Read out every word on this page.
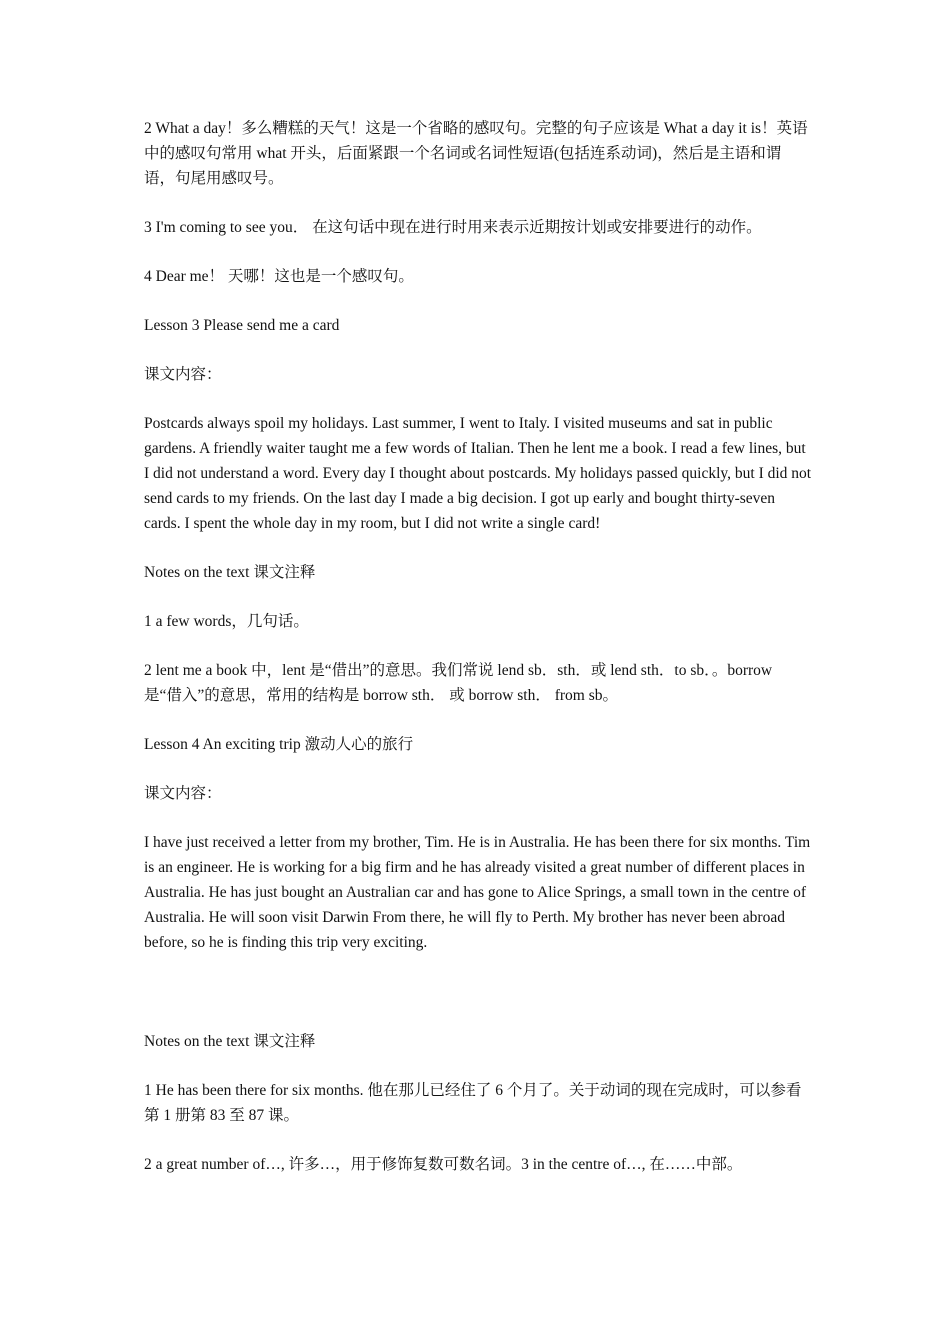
2 What a day！多么糟糕的天气！这是一个省略的感叹句。完整的句子应该是 What a day it is！英语中的感叹句常用 what 开头，后面紧跟一个名词或名词性短语(包括连系动词)，然后是主语和谓语，句尾用感叹号。

3 I'm coming to see you． 在这句话中现在进行时用来表示近期按计划或安排要进行的动作。

4 Dear me！ 天哪！这也是一个感叹句。

Lesson 3 Please send me a card

课文内容：

Postcards always spoil my holidays. Last summer, I went to Italy. I visited museums and sat in public gardens. A friendly waiter taught me a few words of Italian. Then he lent me a book. I read a few lines, but I did not understand a word. Every day I thought about postcards. My holidays passed quickly, but I did not send cards to my friends. On the last day I made a big decision. I got up early and bought thirty-seven cards. I spent the whole day in my room, but I did not write a single card!

Notes on the text 课文注释

1 a few words，几句话。

2 lent me a book 中，lent 是“借出”的意思。我们常说 lend sb．sth．或 lend sth．to sb．。borrow 是“借入”的意思，常用的结构是 borrow sth． 或 borrow sth． from sb。

Lesson 4 An exciting trip 激动人心的旅行

课文内容：

I have just received a letter from my brother, Tim. He is in Australia. He has been there for six months. Tim is an engineer. He is working for a big firm and he has already visited a great number of different places in Australia. He has just bought an Australian car and has gone to Alice Springs, a small town in the centre of Australia. He will soon visit Darwin From there, he will fly to Perth. My brother has never been abroad before, so he is finding this trip very exciting.

Notes on the text 课文注释

1 He has been there for six months. 他在那儿已经住了 6 个月了。关于动词的现在完成时，可以参看第 1 册第 83 至 87 课。

2 a great number of…, 许多…，用于修饰复数可数名词。3 in the centre of…, 在……中部。
